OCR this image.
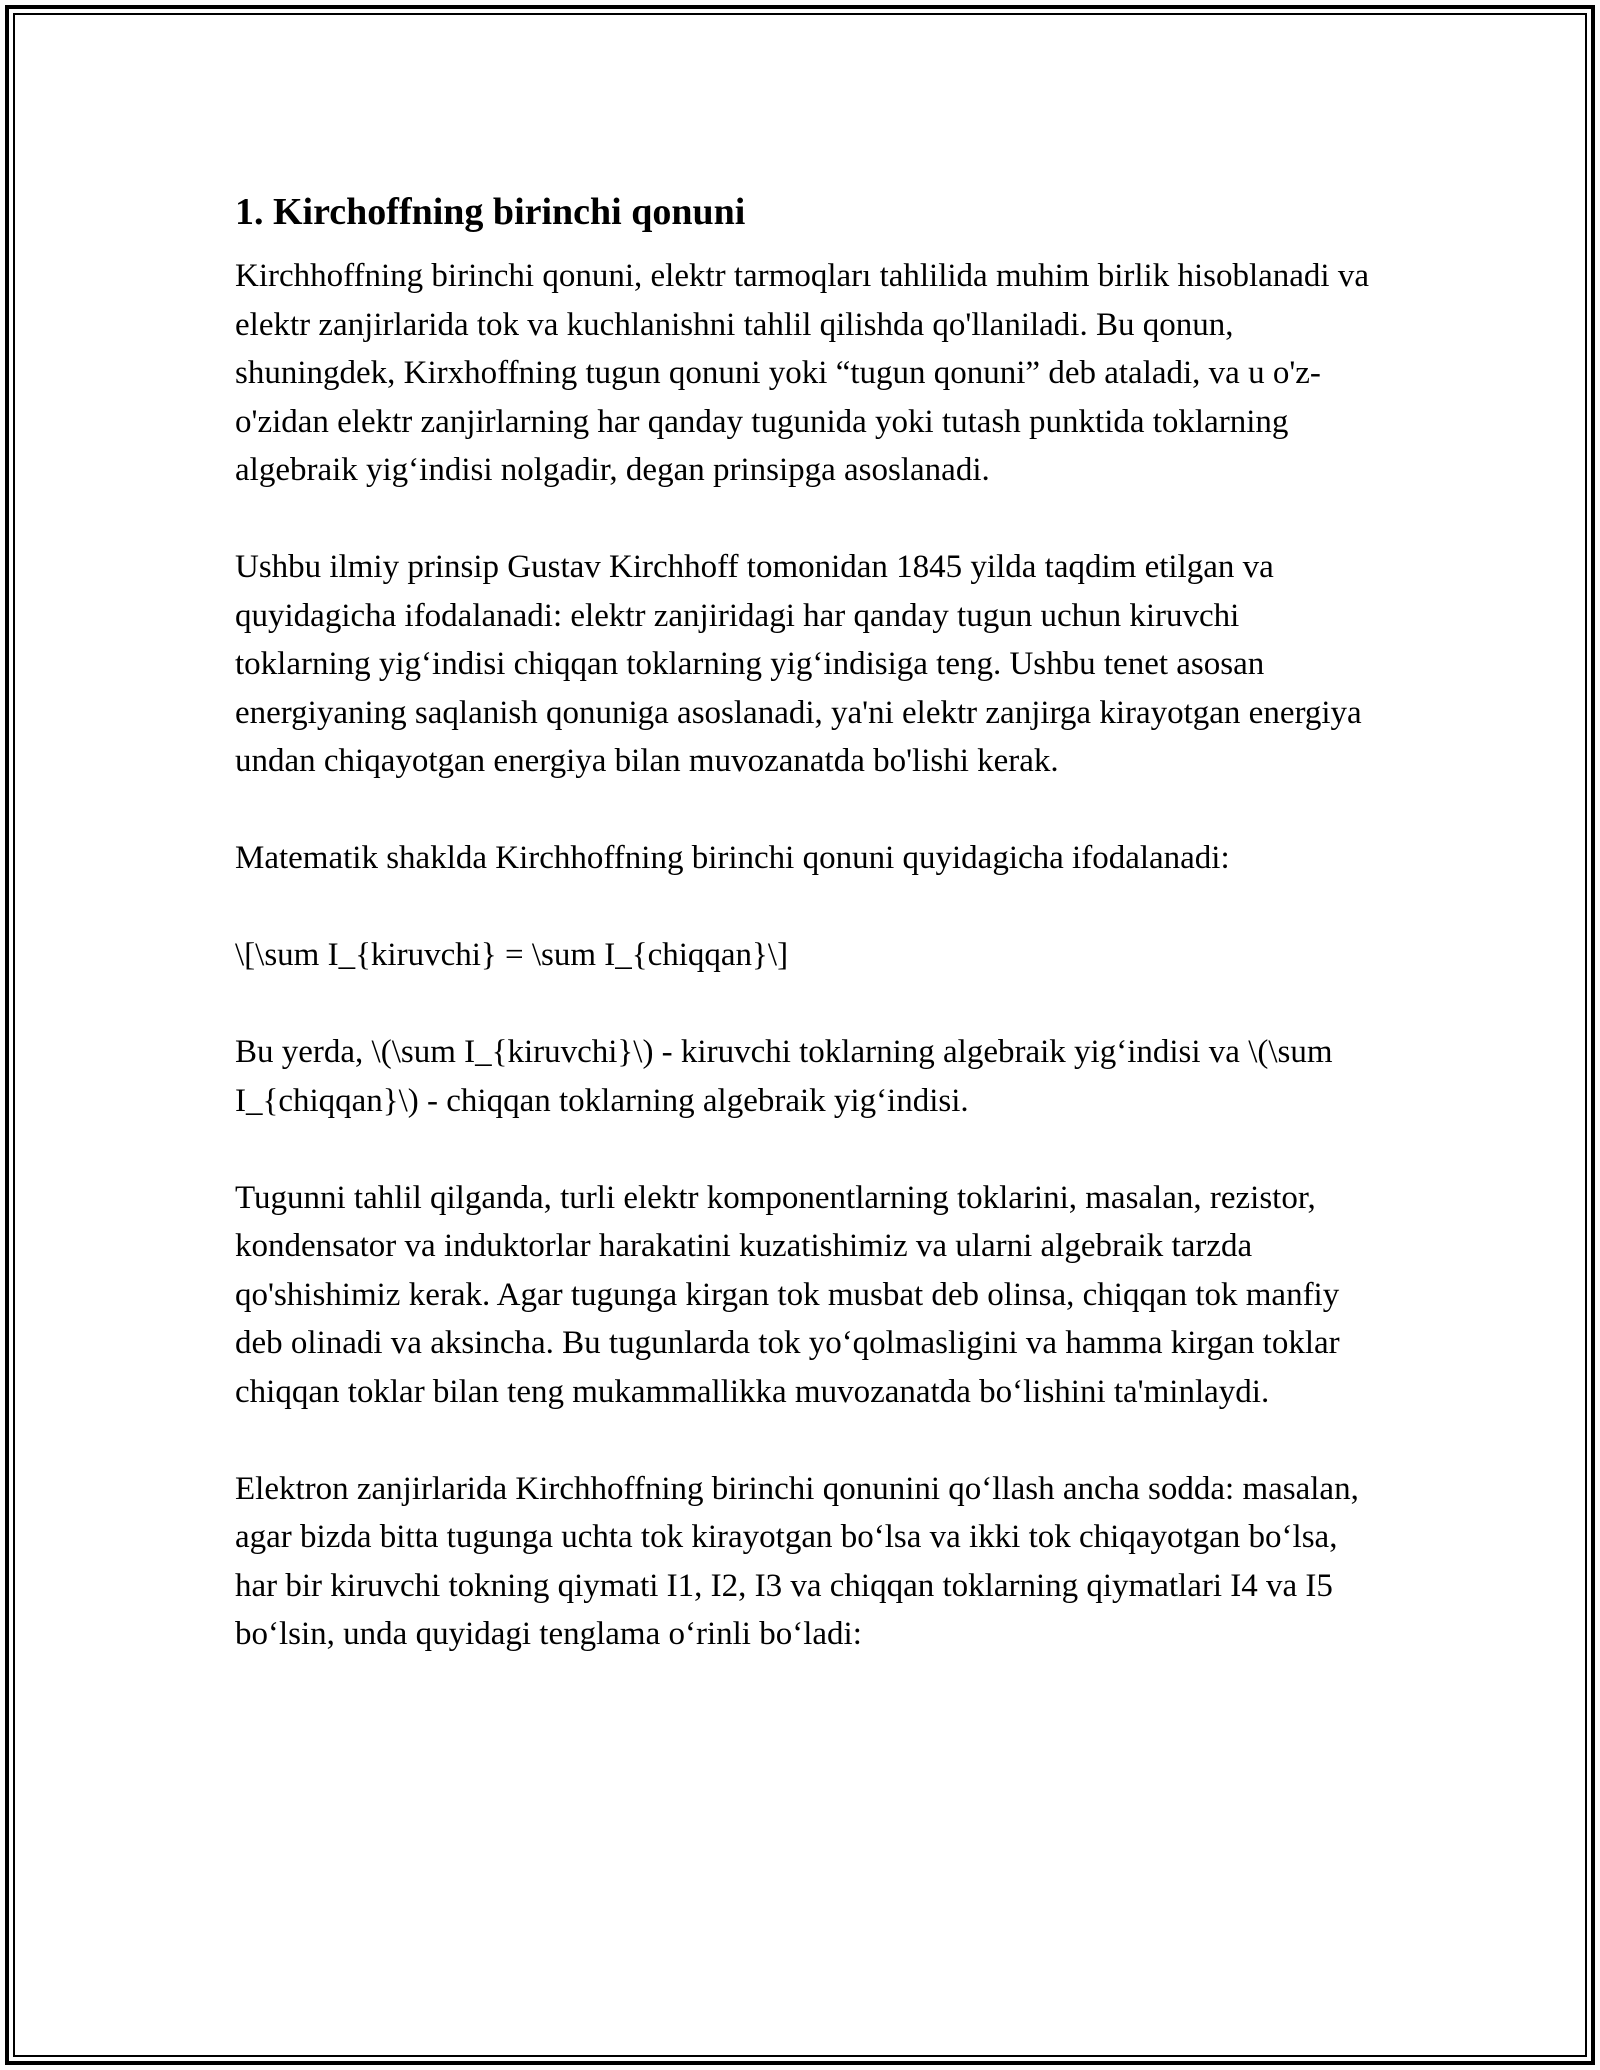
1. Kirchoffning birinchi qonuni

Kirchhoffning birinchi qonuni, elektr tarmoqları tahlilida muhim birlik hisoblanadi va elektr zanjirlarida tok va kuchlanishni tahlil qilishda qo'llaniladi. Bu qonun, shuningdek, Kirxhoffning tugun qonuni yoki “tugun qonuni” deb ataladi, va u o'z-o'zidan elektr zanjirlarning har qanday tugunida yoki tutash punktida toklarning algebraik yig‘indisi nolgadir, degan prinsipga asoslanadi.

Ushbu ilmiy prinsip Gustav Kirchhoff tomonidan 1845 yilda taqdim etilgan va quyidagicha ifodalanadi: elektr zanjiridagi har qanday tugun uchun kiruvchi toklarning yig‘indisi chiqqan toklarning yig‘indisiga teng. Ushbu tenet asosan energiyaning saqlanish qonuniga asoslanadi, ya'ni elektr zanjirga kirayotgan energiya undan chiqayotgan energiya bilan muvozanatda bo'lishi kerak.

Matematik shaklda Kirchhoffning birinchi qonuni quyidagicha ifodalanadi:

\[\sum I_{kiruvchi} = \sum I_{chiqqan}\]

Bu yerda, \(\sum I_{kiruvchi}\) - kiruvchi toklarning algebraik yig‘indisi va \(\sum I_{chiqqan}\) - chiqqan toklarning algebraik yig‘indisi.

Tugunni tahlil qilganda, turli elektr komponentlarning toklarini, masalan, rezistor, kondensator va induktorlar harakatini kuzatishimiz va ularni algebraik tarzda qo'shishimiz kerak. Agar tugunga kirgan tok musbat deb olinsa, chiqqan tok manfiy deb olinadi va aksincha. Bu tugunlarda tok yo‘qolmasligini va hamma kirgan toklar chiqqan toklar bilan teng mukammallikka muvozanatda bo‘lishini ta'minlaydi.

Elektron zanjirlarida Kirchhoffning birinchi qonunini qo‘llash ancha sodda: masalan, agar bizda bitta tugunga uchta tok kirayotgan bo‘lsa va ikki tok chiqayotgan bo‘lsa, har bir kiruvchi tokning qiymati I1, I2, I3 va chiqqan toklarning qiymatlari I4 va I5 bo‘lsin, unda quyidagi tenglama o‘rinli bo‘ladi:
